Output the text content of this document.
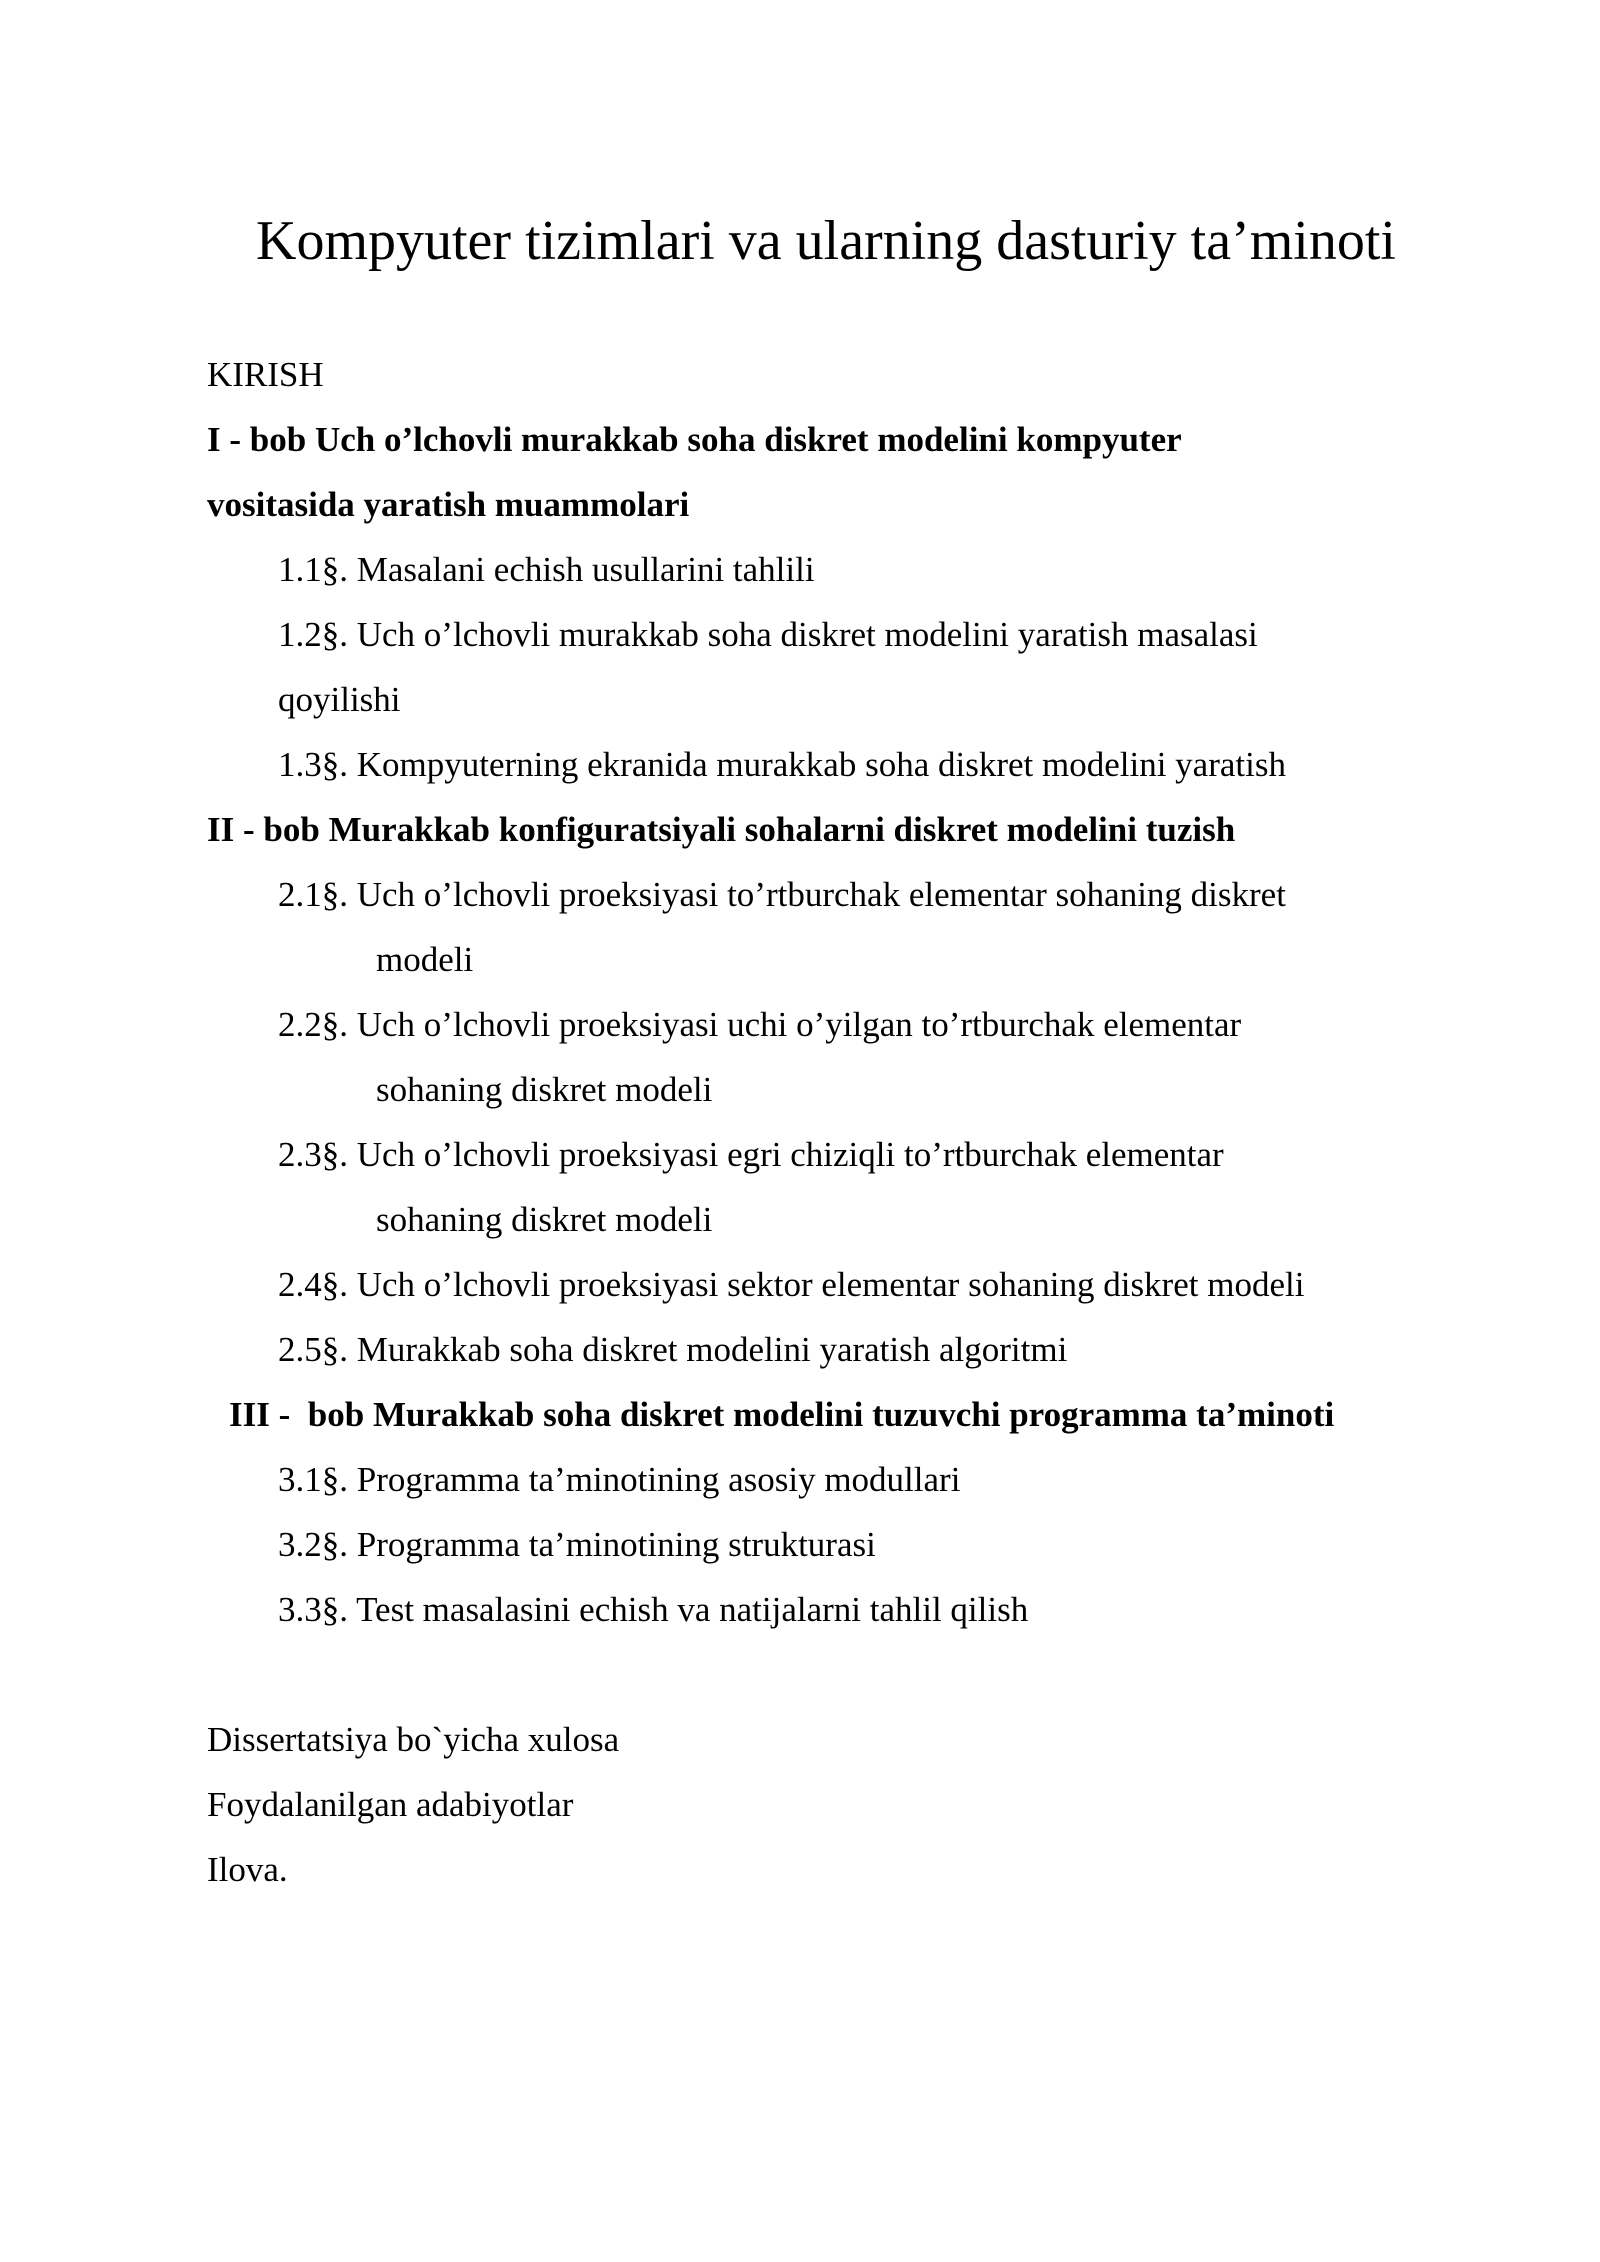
Kompyuter tizimlari va ularning dasturiy ta’minoti
KIRISH
I - bob Uch o’lchovli murakkab soha diskret modelini kompyuter
vositasida yaratish muammolari
1.1§. Masalani echish usullarini tahlili
1.2§. Uch o’lchovli murakkab soha diskret modelini yaratish masalasi
qoyilishi
1.3§. Kompyuterning ekranida murakkab soha diskret modelini yaratish
II - bob Murakkab konfiguratsiyali sohalarni diskret modelini tuzish
2.1§. Uch o’lchovli proeksiyasi to’rtburchak elementar sohaning diskret
modeli
2.2§. Uch o’lchovli proeksiyasi uchi o’yilgan to’rtburchak elementar
sohaning diskret modeli
2.3§. Uch o’lchovli proeksiyasi egri chiziqli to’rtburchak elementar
sohaning diskret modeli
2.4§. Uch o’lchovli proeksiyasi sektor elementar sohaning diskret modeli
2.5§. Murakkab soha diskret modelini yaratish algoritmi
III -  bob Murakkab soha diskret modelini tuzuvchi programma ta’minoti
3.1§. Programma ta’minotining asosiy modullari
3.2§. Programma ta’minotining strukturasi
3.3§. Test masalasini echish va natijalarni tahlil qilish
Dissertatsiya bo`yicha xulosa
Foydalanilgan adabiyotlar
Ilova.
